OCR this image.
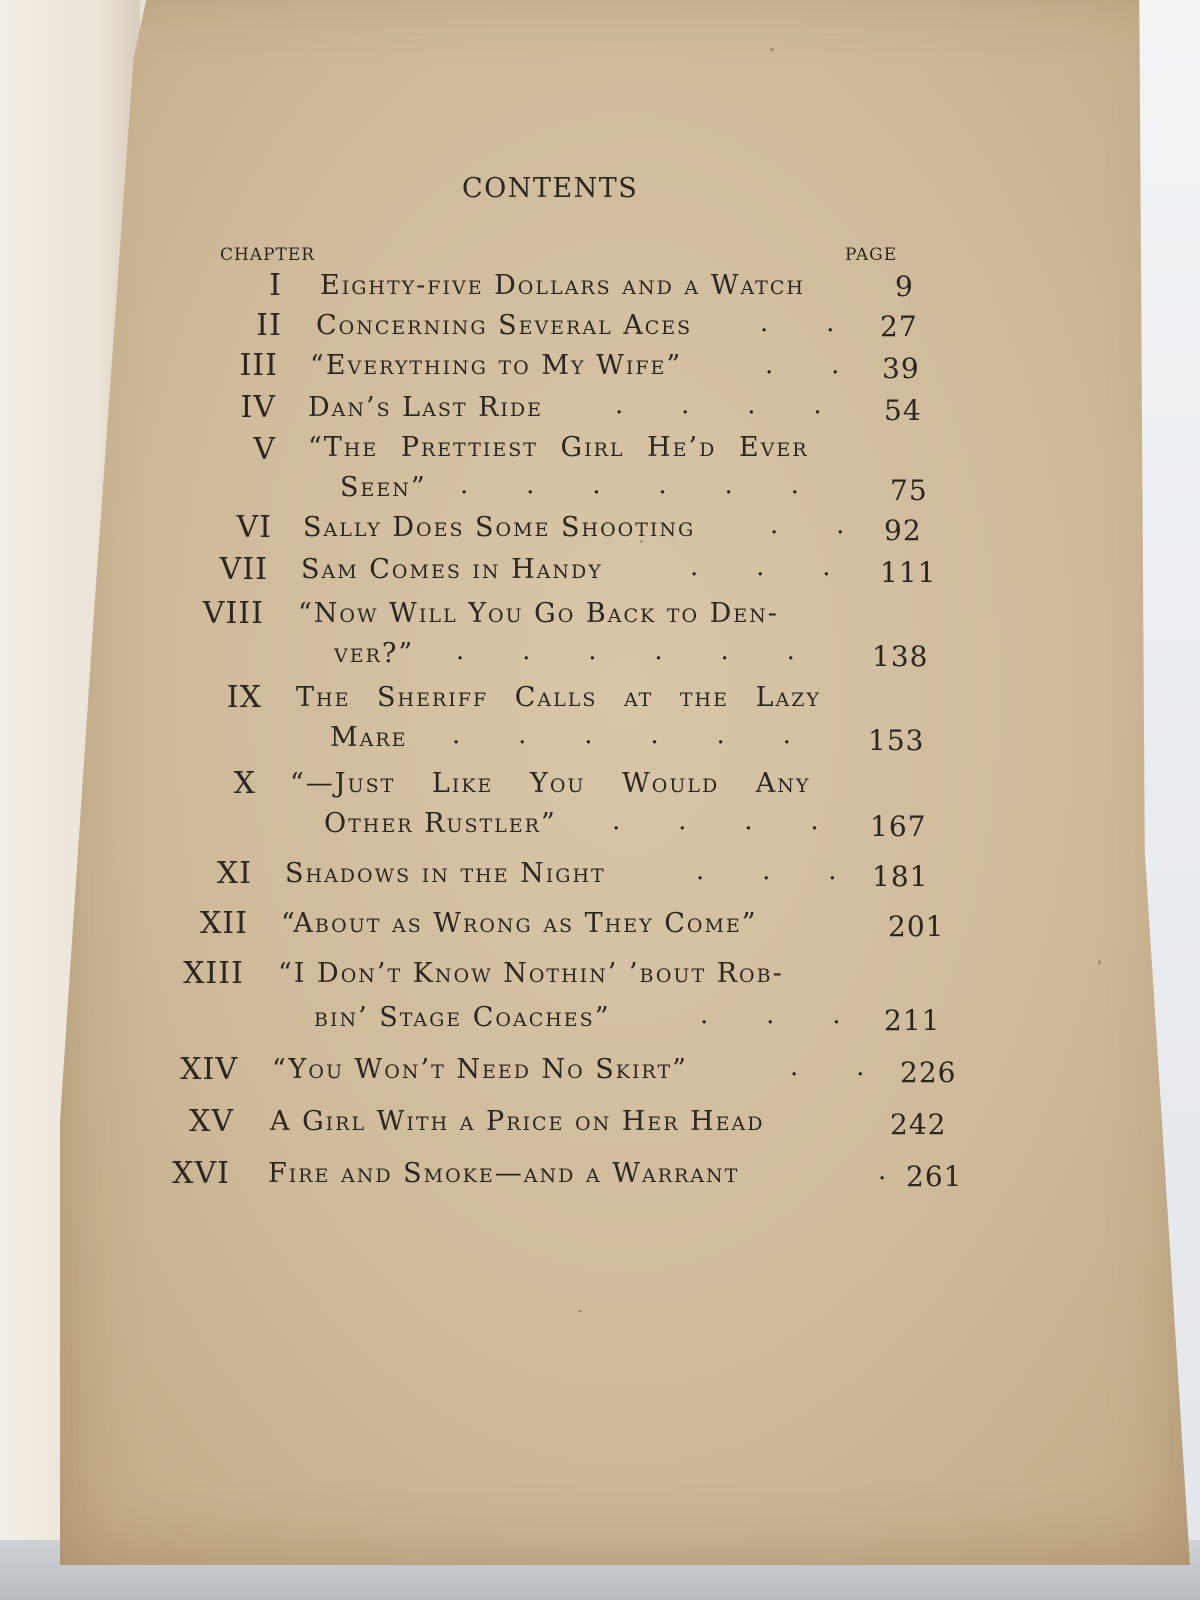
CONTENTS
CHAPTER	PAGE
I Eighty-five Dollars and a Watch	9
II Concerning Several Aces	.       . 27
III “Everything to My Wife”	.       . 39
IV Dan’s Last Ride	.       .       .       . 54
V “The Prettiest Girl He’d Ever
Seen” .       .       .       .       .       .	75
VI Sally Does Some Shooting	.       . 92
VII Sam Comes in Handy	.       .       . 111
VIII “Now Will You Go Back to Den-
ver?” .       .       .       .       .       .	138
IX The Sheriff Calls at the Lazy
Mare .       .       .       .       .       .	153
X “—Just Like You Would Any
Other Rustler” .       .       .       . 167
XI Shadows in the Night	.       .       . 181
XII “About as Wrong as They Come”	201
XIII “I Don’t Know Nothin’ ’bout Rob-
bin’ Stage Coaches”	.       .       . 211
XIV “You Won’t Need No Skirt”	.       . 226
XV A Girl With a Price on Her Head	242
XVI Fire and Smoke—and a Warrant	. 261
